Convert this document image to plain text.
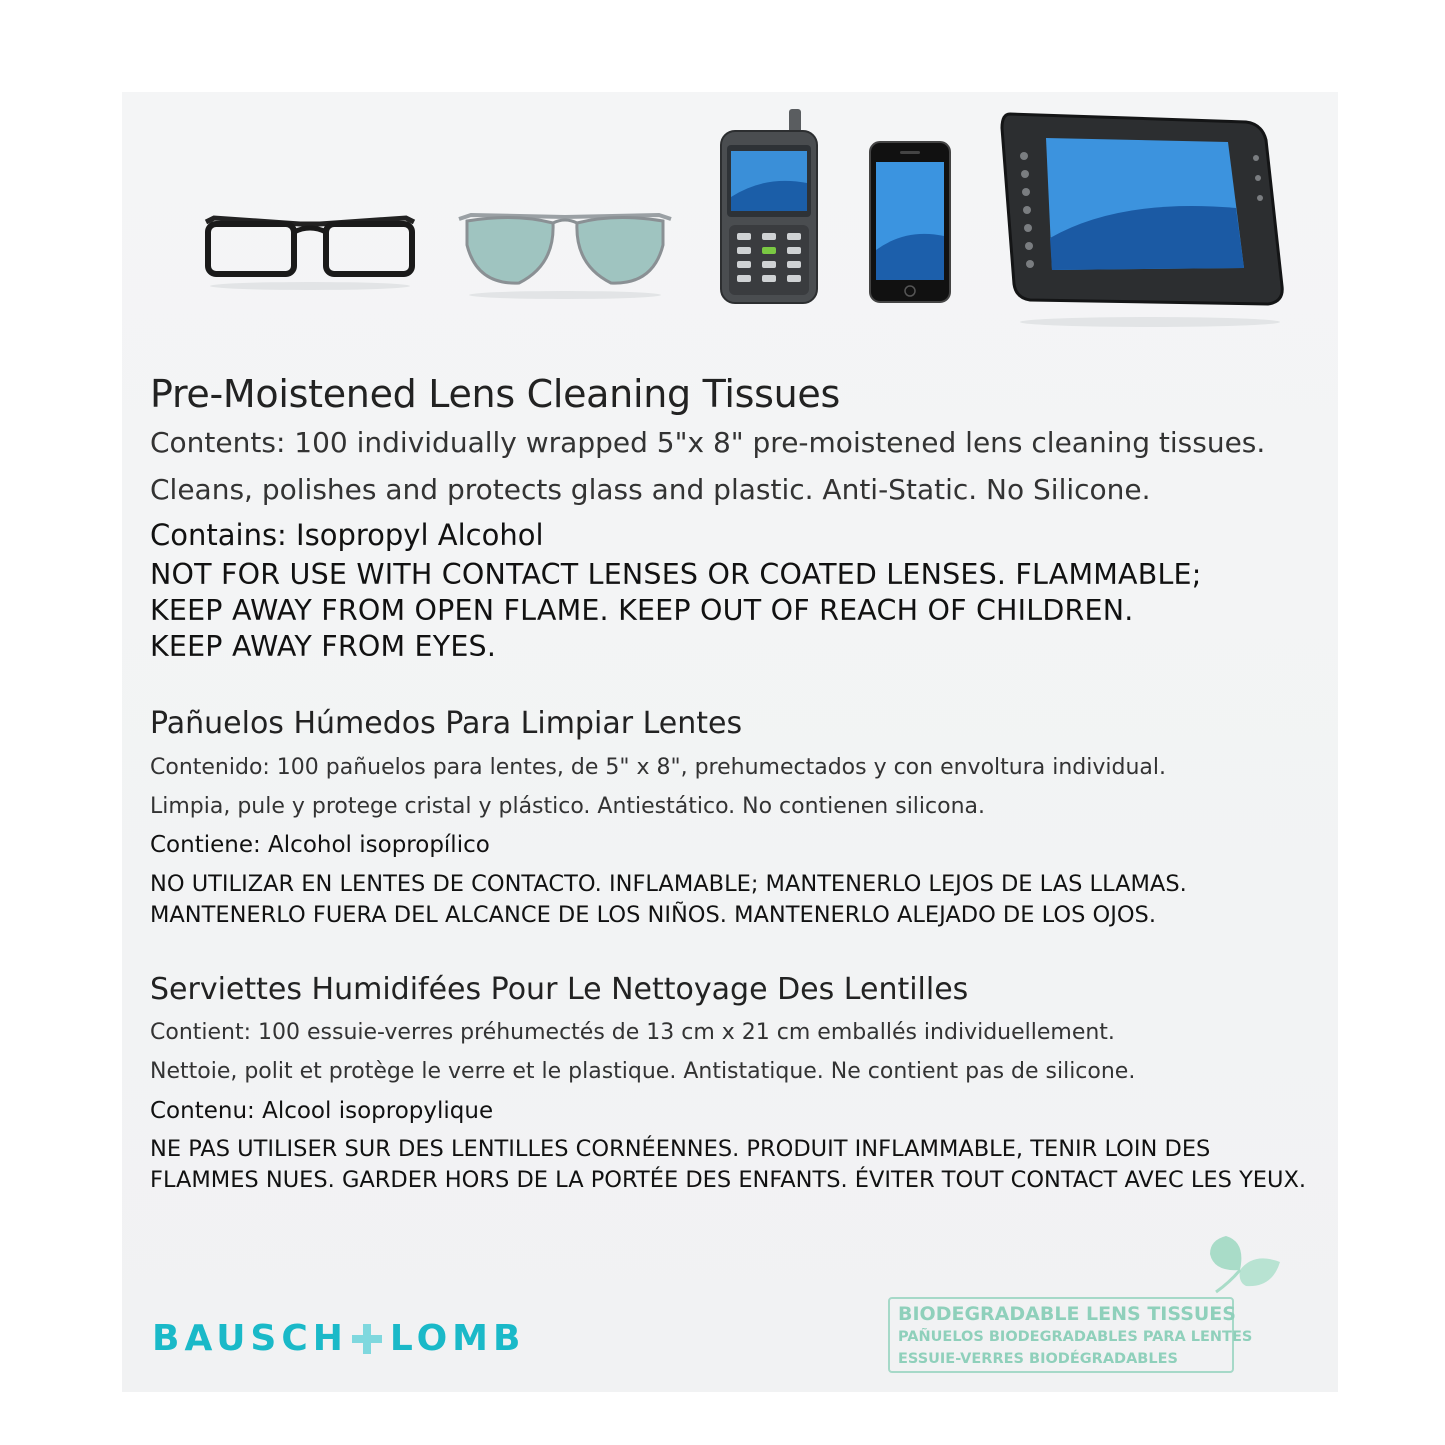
Pre-Moistened Lens Cleaning Tissues
Contents: 100 individually wrapped 5"x 8" pre-moistened lens cleaning tissues.
Cleans, polishes and protects glass and plastic. Anti-Static. No Silicone.
Contains: Isopropyl Alcohol
NOT FOR USE WITH CONTACT LENSES OR COATED LENSES. FLAMMABLE;
KEEP AWAY FROM OPEN FLAME. KEEP OUT OF REACH OF CHILDREN.
KEEP AWAY FROM EYES.
Pañuelos Húmedos Para Limpiar Lentes
Contenido: 100 pañuelos para lentes, de 5" x 8", prehumectados y con envoltura individual.
Limpia, pule y protege cristal y plástico. Antiestático. No contienen silicona.
Contiene: Alcohol isopropílico
NO UTILIZAR EN LENTES DE CONTACTO. INFLAMABLE; MANTENERLO LEJOS DE LAS LLAMAS.
MANTENERLO FUERA DEL ALCANCE DE LOS NIÑOS. MANTENERLO ALEJADO DE LOS OJOS.
Serviettes Humidifées Pour Le Nettoyage Des Lentilles
Contient: 100 essuie-verres préhumectés de 13 cm x 21 cm emballés individuellement.
Nettoie, polit et protège le verre et le plastique. Antistatique. Ne contient pas de silicone.
Contenu: Alcool isopropylique
NE PAS UTILISER SUR DES LENTILLES CORNÉENNES. PRODUIT INFLAMMABLE, TENIR LOIN DES
FLAMMES NUES. GARDER HORS DE LA PORTÉE DES ENFANTS. ÉVITER TOUT CONTACT AVEC LES YEUX.
BAUSCH LOMB
BIODEGRADABLE LENS TISSUES
PAÑUELOS BIODEGRADABLES PARA LENTES
ESSUIE-VERRES BIODÉGRADABLES
